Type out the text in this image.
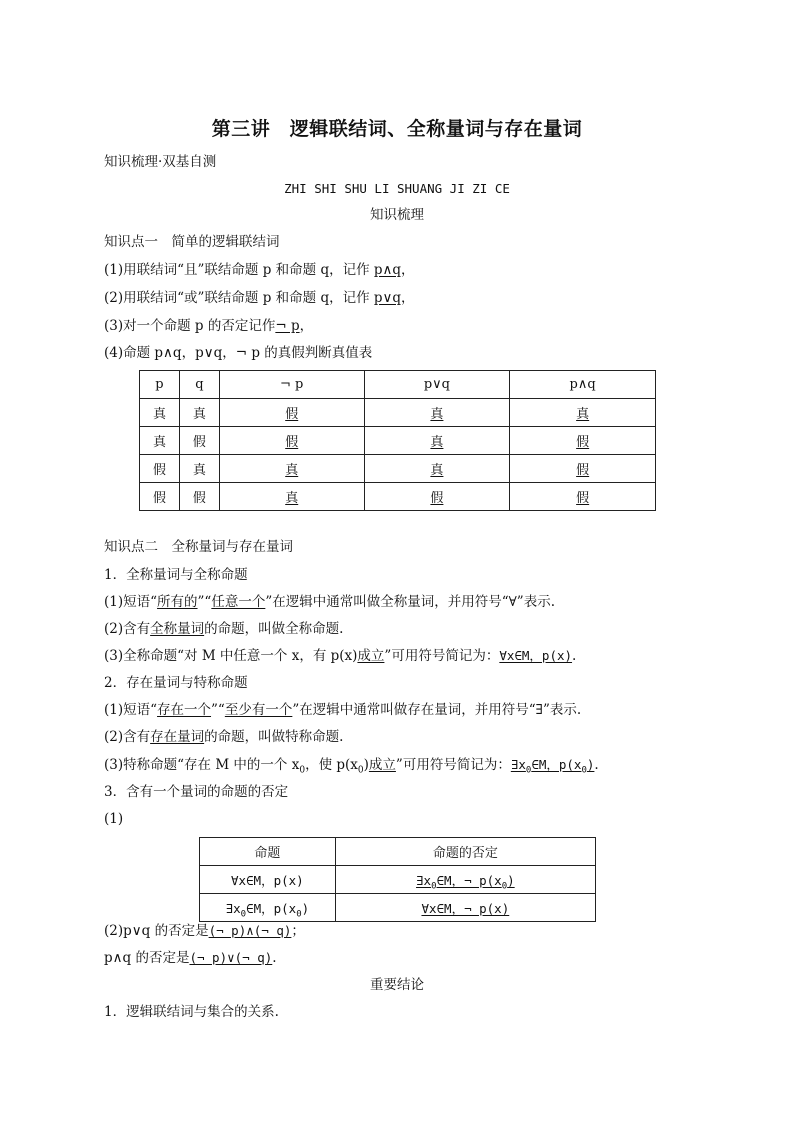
第三讲　逻辑联结词、全称量词与存在量词
知识梳理·双基自测
ZHI SHI SHU LI SHUANG JI ZI CE
知识梳理
知识点一　简单的逻辑联结词
(1)用联结词“且”联结命题 p 和命题 q，记作 p∧q，
(2)用联结词“或”联结命题 p 和命题 q，记作 p∨q，
(3)对一个命题 p 的否定记作¬ p，
(4)命题 p∧q，p∨q，¬ p 的真假判断真值表
p	q	¬ p	p∨q	p∧q
真	真	假	真	真
真	假	假	真	假
假	真	真	真	假
假	假	真	假	假
知识点二　全称量词与存在量词
1．全称量词与全称命题
(1)短语“所有的”“任意一个”在逻辑中通常叫做全称量词，并用符号“∀”表示.
(2)含有全称量词的命题，叫做全称命题.
(3)全称命题“对 M 中任意一个 x，有 p(x)成立”可用符号简记为：∀x∈M，p(x).
2．存在量词与特称命题
(1)短语“存在一个”“至少有一个”在逻辑中通常叫做存在量词，并用符号“∃”表示.
(2)含有存在量词的命题，叫做特称命题.
(3)特称命题“存在 M 中的一个 $x_0$，使 $p(x_0)$成立”可用符号简记为：$\exists x_0\in M$，$p(x_0)$.
3．含有一个量词的命题的否定
(1)
命题	命题的否定
∀x∈M，p(x)	$\exists x_0\in M$，¬ $p(x_0)$
$\exists x_0\in M$，$p(x_0)$	∀x∈M，¬ p(x)
(2)p∨q 的否定是(¬ p)∧(¬ q)；
p∧q 的否定是(¬ p)∨(¬ q).
重要结论
1．逻辑联结词与集合的关系.
